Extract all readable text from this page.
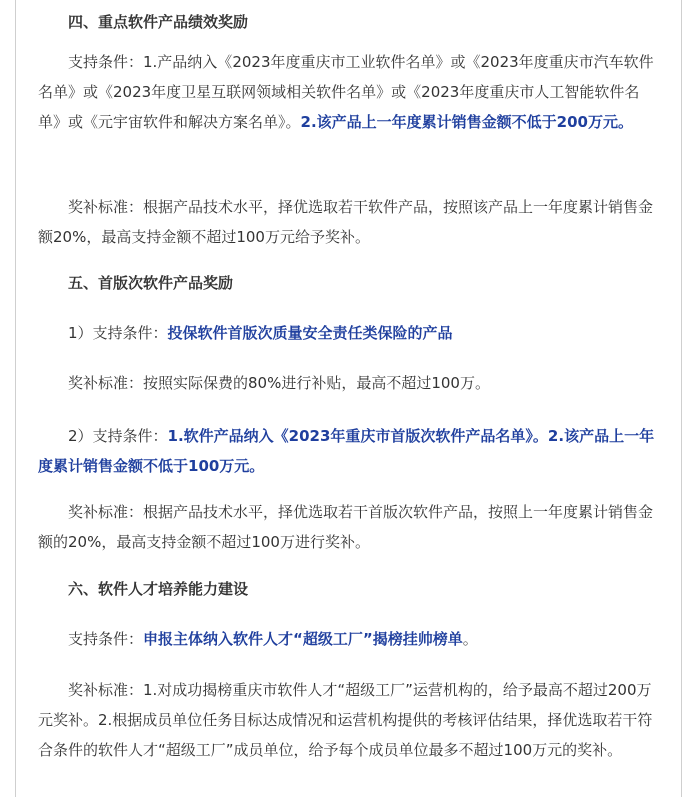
四、重点软件产品绩效奖励

支持条件：1.产品纳入《2023年度重庆市工业软件名单》或《2023年度重庆市汽车软件名单》或《2023年度卫星互联网领域相关软件名单》或《2023年度重庆市人工智能软件名单》或《元宇宙软件和解决方案名单》。2.该产品上一年度累计销售金额不低于200万元。

奖补标准：根据产品技术水平，择优选取若干软件产品，按照该产品上一年度累计销售金额20%，最高支持金额不超过100万元给予奖补。

五、首版次软件产品奖励

1）支持条件：投保软件首版次质量安全责任类保险的产品

奖补标准：按照实际保费的80%进行补贴，最高不超过100万。

2）支持条件：1.软件产品纳入《2023年重庆市首版次软件产品名单》。2.该产品上一年度累计销售金额不低于100万元。

奖补标准：根据产品技术水平，择优选取若干首版次软件产品，按照上一年度累计销售金额的20%，最高支持金额不超过100万进行奖补。

六、软件人才培养能力建设

支持条件：申报主体纳入软件人才“超级工厂”揭榜挂帅榜单。

奖补标准：1.对成功揭榜重庆市软件人才“超级工厂”运营机构的，给予最高不超过200万元奖补。2.根据成员单位任务目标达成情况和运营机构提供的考核评估结果，择优选取若干符合条件的软件人才“超级工厂”成员单位，给予每个成员单位最多不超过100万元的奖补。
